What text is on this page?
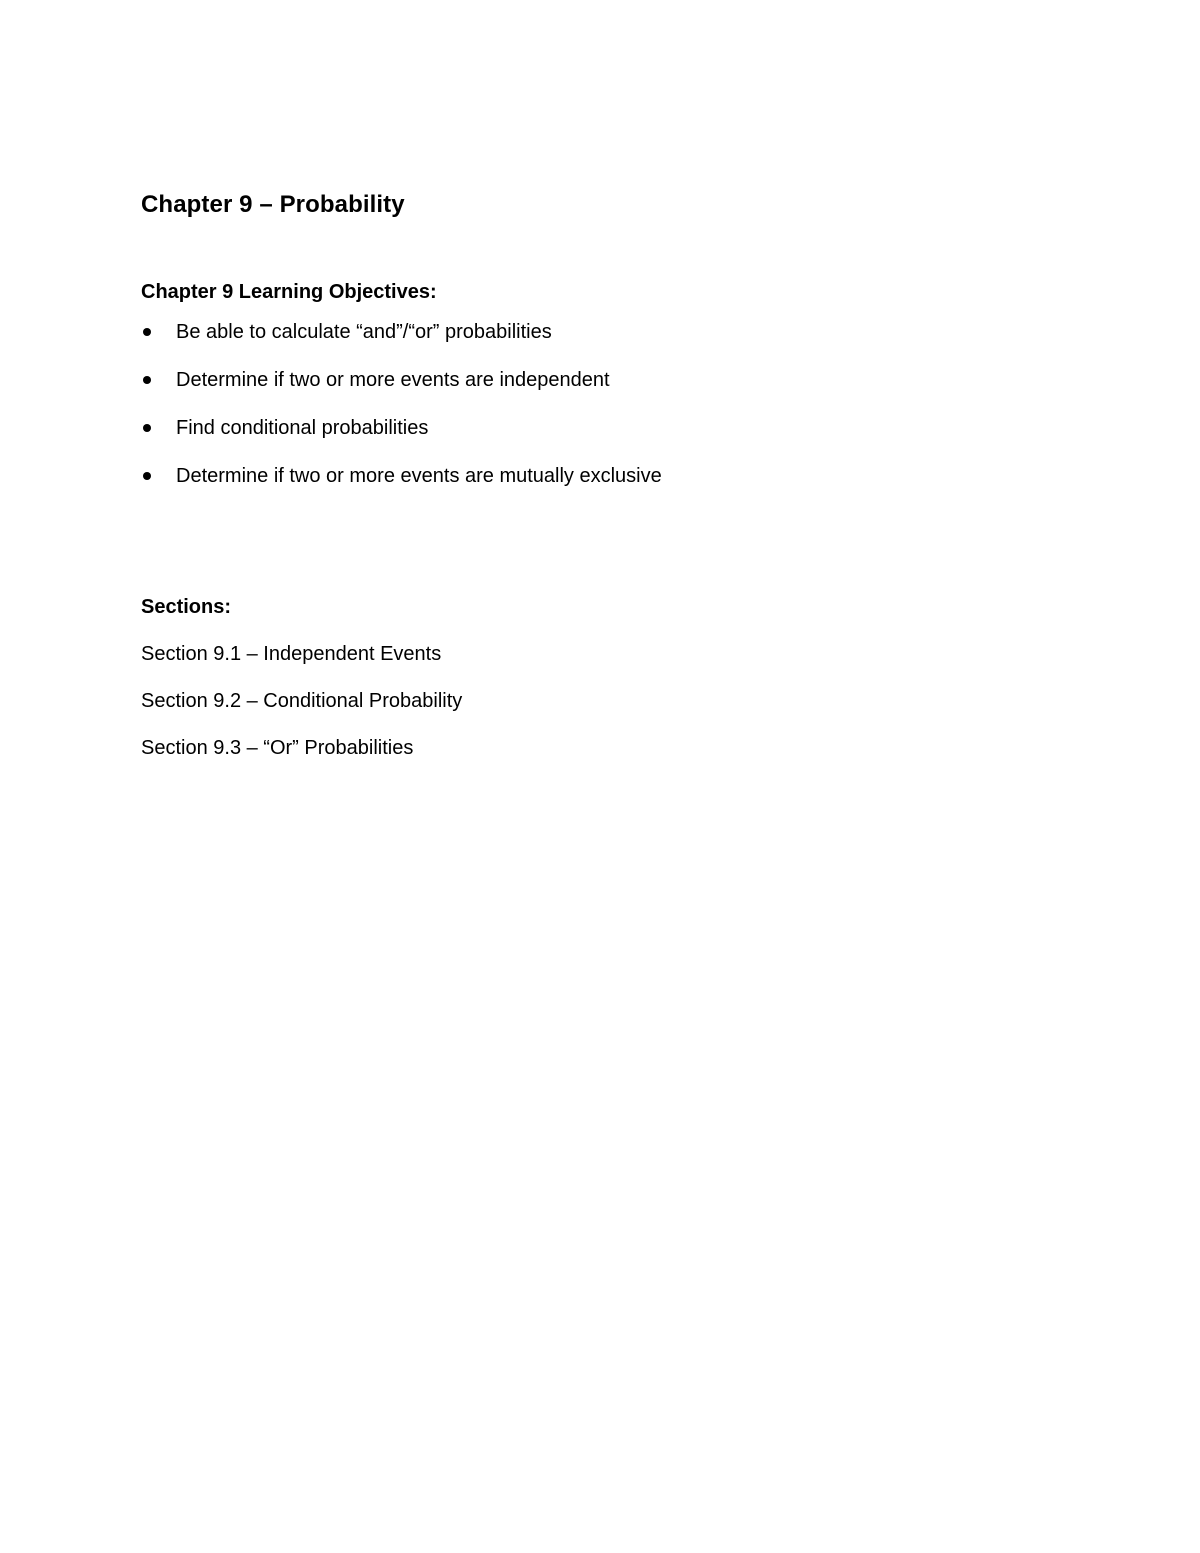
Chapter 9 – Probability
Chapter 9 Learning Objectives:
Be able to calculate “and”/“or” probabilities
Determine if two or more events are independent
Find conditional probabilities
Determine if two or more events are mutually exclusive
Sections:
Section 9.1 – Independent Events
Section 9.2 – Conditional Probability
Section 9.3 – “Or” Probabilities
